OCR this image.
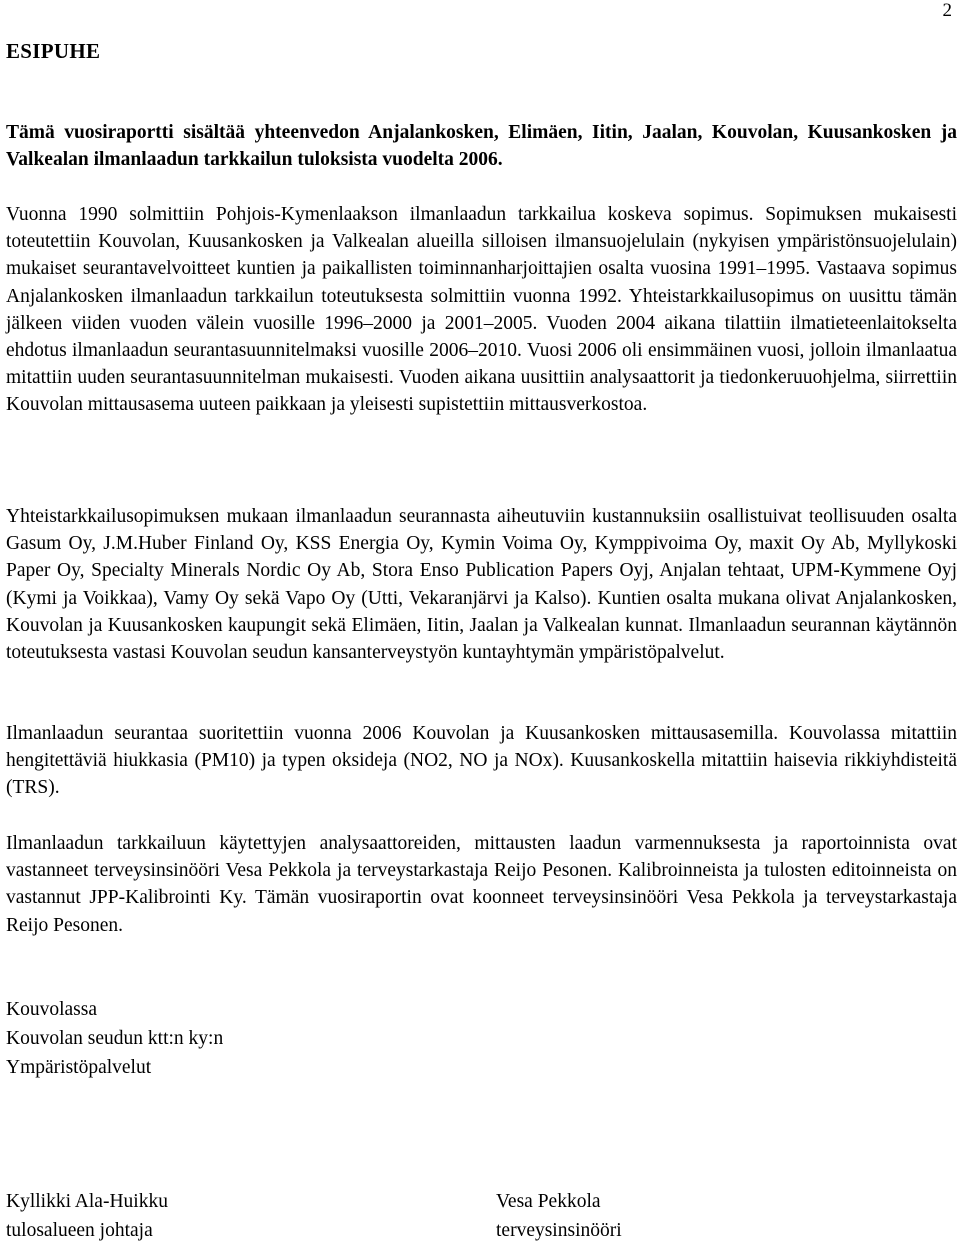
2
ESIPUHE

Tämä vuosiraportti sisältää yhteenvedon Anjalankosken, Elimäen, Iitin, Jaalan, Kouvolan, Kuusankosken ja Valkealan ilmanlaadun tarkkailun tuloksista vuodelta 2006.

Vuonna 1990 solmittiin Pohjois-Kymenlaakson ilmanlaadun tarkkailua koskeva sopimus. Sopimuksen mukaisesti toteutettiin Kouvolan, Kuusankosken ja Valkealan alueilla silloisen ilmansuojelulain (nykyisen ympäristönsuojelulain) mukaiset seurantavelvoitteet kuntien ja paikallisten toiminnanharjoittajien osalta vuosina 1991–1995. Vastaava sopimus Anjalankosken ilmanlaadun tarkkailun toteutuksesta solmittiin vuonna 1992. Yhteistarkkailusopimus on uusittu tämän jälkeen viiden vuoden välein vuosille 1996–2000 ja 2001–2005. Vuoden 2004 aikana tilattiin ilmatieteenlaitokselta ehdotus ilmanlaadun seurantasuunnitelmaksi vuosille 2006–2010. Vuosi 2006 oli ensimmäinen vuosi, jolloin ilmanlaatua mitattiin uuden seurantasuunnitelman mukaisesti. Vuoden aikana uusittiin analysaattorit ja tiedonkeruuohjelma, siirrettiin Kouvolan mittausasema uuteen paikkaan ja yleisesti supistettiin mittausverkostoa.

Yhteistarkkailusopimuksen mukaan ilmanlaadun seurannasta aiheutuviin kustannuksiin osallistuivat teollisuuden osalta Gasum Oy, J.M.Huber Finland Oy, KSS Energia Oy, Kymin Voima Oy, Kymppivoima Oy, maxit Oy Ab, Myllykoski Paper Oy, Specialty Minerals Nordic Oy Ab, Stora Enso Publication Papers Oyj, Anjalan tehtaat, UPM-Kymmene Oyj (Kymi ja Voikkaa), Vamy Oy sekä Vapo Oy (Utti, Vekaranjärvi ja Kalso). Kuntien osalta mukana olivat Anjalankosken, Kouvolan ja Kuusankosken kaupungit sekä Elimäen, Iitin, Jaalan ja Valkealan kunnat. Ilmanlaadun seurannan käytännön toteutuksesta vastasi Kouvolan seudun kansanterveystyön kuntayhtymän ympäristöpalvelut.

Ilmanlaadun seurantaa suoritettiin vuonna 2006 Kouvolan ja Kuusankosken mittausasemilla. Kouvolassa mitattiin hengitettäviä hiukkasia (PM10) ja typen oksideja (NO2, NO ja NOx). Kuusankoskella mitattiin haisevia rikkiyhdisteitä (TRS).

Ilmanlaadun tarkkailuun käytettyjen analysaattoreiden, mittausten laadun varmennuksesta ja raportoinnista ovat vastanneet terveysinsinööri Vesa Pekkola ja terveystarkastaja Reijo Pesonen. Kalibroinneista ja tulosten editoinneista on vastannut JPP-Kalibrointi Ky. Tämän vuosiraportin ovat koonneet terveysinsinööri Vesa Pekkola ja terveystarkastaja Reijo Pesonen.

Kouvolassa
Kouvolan seudun ktt:n ky:n
Ympäristöpalvelut
Kyllikki Ala-Huikku
tulosalueen johtaja
Vesa Pekkola
terveysinsinööri
